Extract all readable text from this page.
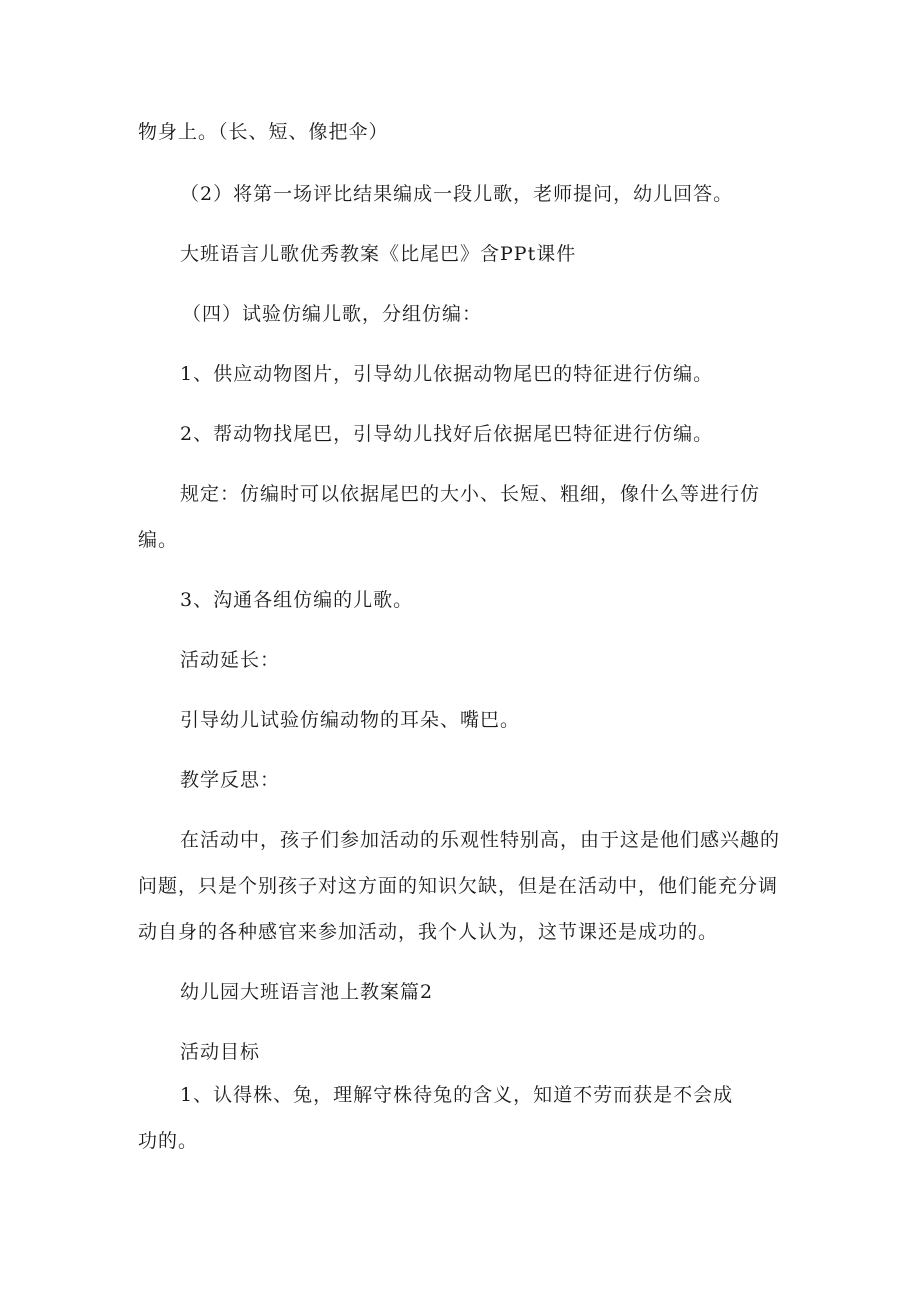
物身上。（长、短、像把伞）
（2）将第一场评比结果编成一段儿歌，老师提问，幼儿回答。
大班语言儿歌优秀教案《比尾巴》含PPt课件
（四）试验仿编儿歌，分组仿编：
1、供应动物图片，引导幼儿依据动物尾巴的特征进行仿编。
2、帮动物找尾巴，引导幼儿找好后依据尾巴特征进行仿编。
规定：仿编时可以依据尾巴的大小、长短、粗细，像什么等进行仿
编。
3、沟通各组仿编的儿歌。
活动延长：
引导幼儿试验仿编动物的耳朵、嘴巴。
教学反思：
在活动中，孩子们参加活动的乐观性特别高，由于这是他们感兴趣的
问题，只是个别孩子对这方面的知识欠缺，但是在活动中，他们能充分调
动自身的各种感官来参加活动，我个人认为，这节课还是成功的。
幼儿园大班语言池上教案篇2
活动目标
1、认得株、兔，理解守株待兔的含义，知道不劳而获是不会成
功的。
